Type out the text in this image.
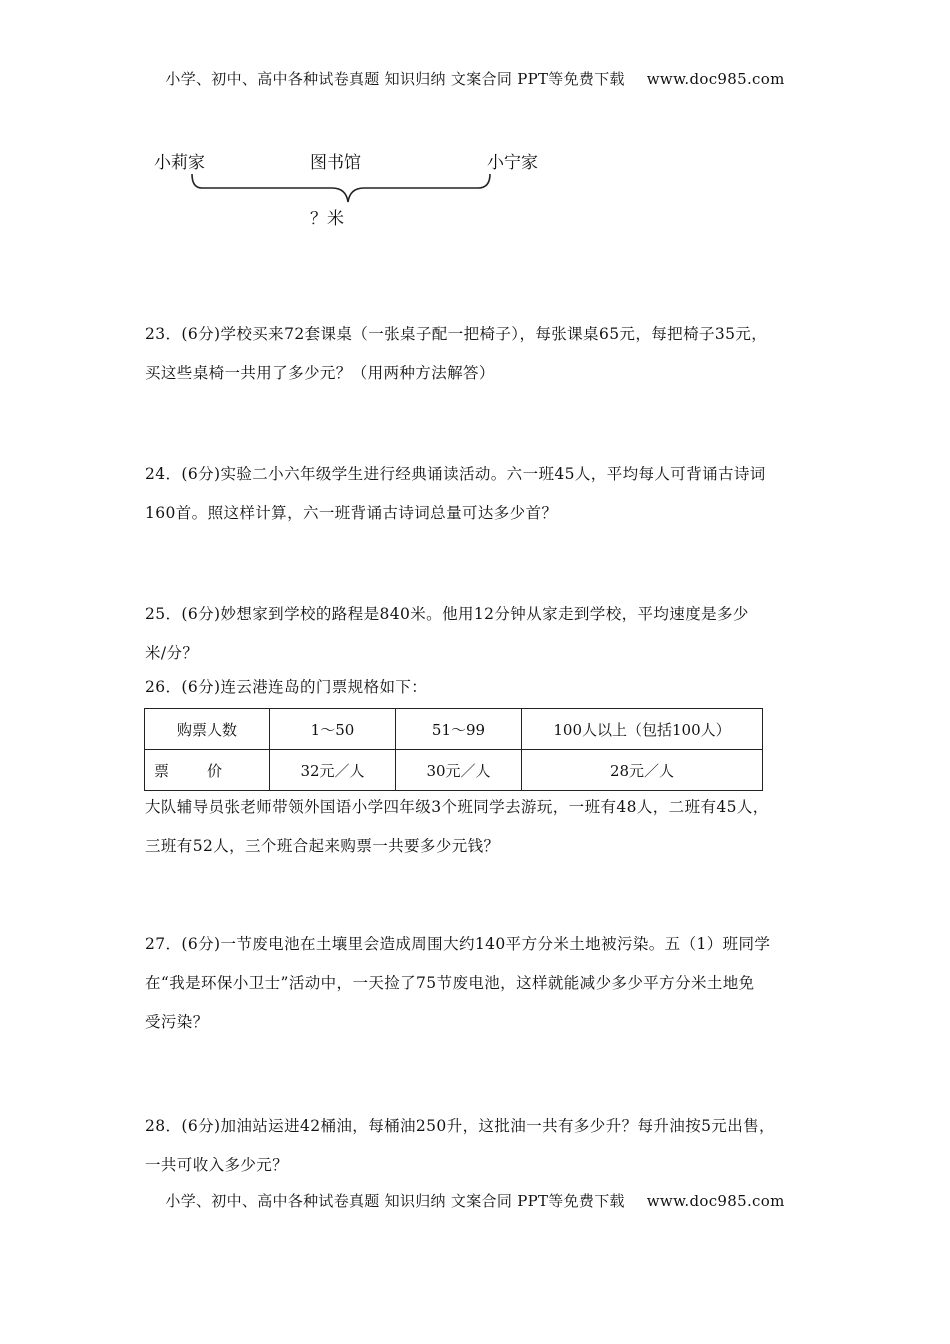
小学、初中、高中各种试卷真题 知识归纳 文案合同 PPT等免费下载 www.doc985.com
小莉家	图书馆	小宁家
？米
23．(6分)学校买来72套课桌（一张桌子配一把椅子），每张课桌65元，每把椅子35元，
买这些桌椅一共用了多少元？（用两种方法解答）
24．(6分)实验二小六年级学生进行经典诵读活动。六一班45人，平均每人可背诵古诗词
160首。照这样计算，六一班背诵古诗词总量可达多少首？
25．(6分)妙想家到学校的路程是840米。他用12分钟从家走到学校，平均速度是多少
米/分？
26．(6分)连云港连岛的门票规格如下：
购票人数	1～50	51～99	100人以上（包括100人）
票价	32元／人	30元／人	28元／人
大队辅导员张老师带领外国语小学四年级3个班同学去游玩，一班有48人，二班有45人，
三班有52人，三个班合起来购票一共要多少元钱？
27．(6分)一节废电池在土壤里会造成周围大约140平方分米土地被污染。五（1）班同学
在“我是环保小卫士”活动中，一天捡了75节废电池，这样就能减少多少平方分米土地免
受污染？
28．(6分)加油站运进42桶油，每桶油250升，这批油一共有多少升？每升油按5元出售，
一共可收入多少元？
小学、初中、高中各种试卷真题 知识归纳 文案合同 PPT等免费下载 www.doc985.com
